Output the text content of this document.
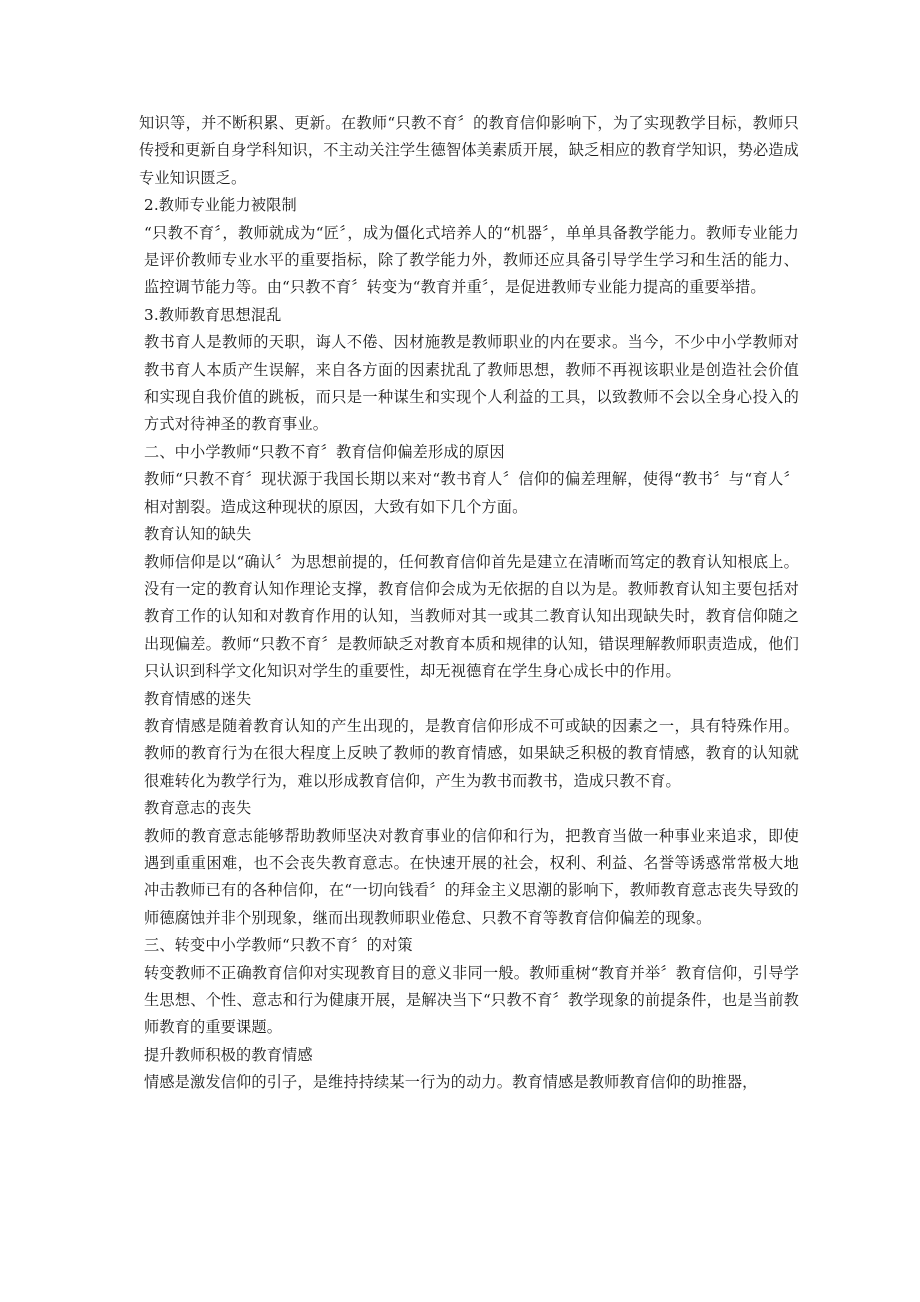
知识等，并不断积累、更新。在教师“只教不育〞的教育信仰影响下，为了实现教学目标，教师只传授和更新自身学科知识，不主动关注学生德智体美素质开展，缺乏相应的教育学知识，势必造成专业知识匮乏。

2.教师专业能力被限制

“只教不育〞，教师就成为“匠〞，成为僵化式培养人的“机器〞，单单具备教学能力。教师专业能力是评价教师专业水平的重要指标，除了教学能力外，教师还应具备引导学生学习和生活的能力、监控调节能力等。由“只教不育〞转变为“教育并重〞，是促进教师专业能力提高的重要举措。

3.教师教育思想混乱

教书育人是教师的天职，诲人不倦、因材施教是教师职业的内在要求。当今，不少中小学教师对教书育人本质产生误解，来自各方面的因素扰乱了教师思想，教师不再视该职业是创造社会价值和实现自我价值的跳板，而只是一种谋生和实现个人利益的工具，以致教师不会以全身心投入的方式对待神圣的教育事业。

二、中小学教师“只教不育〞教育信仰偏差形成的原因

教师“只教不育〞现状源于我国长期以来对“教书育人〞信仰的偏差理解，使得“教书〞与“育人〞相对割裂。造成这种现状的原因，大致有如下几个方面。

教育认知的缺失

教师信仰是以“确认〞为思想前提的，任何教育信仰首先是建立在清晰而笃定的教育认知根底上。没有一定的教育认知作理论支撑，教育信仰会成为无依据的自以为是。教师教育认知主要包括对教育工作的认知和对教育作用的认知，当教师对其一或其二教育认知出现缺失时，教育信仰随之出现偏差。教师“只教不育〞是教师缺乏对教育本质和规律的认知，错误理解教师职责造成，他们只认识到科学文化知识对学生的重要性，却无视德育在学生身心成长中的作用。

教育情感的迷失

教育情感是随着教育认知的产生出现的，是教育信仰形成不可或缺的因素之一，具有特殊作用。教师的教育行为在很大程度上反映了教师的教育情感，如果缺乏积极的教育情感，教育的认知就很难转化为教学行为，难以形成教育信仰，产生为教书而教书，造成只教不育。

教育意志的丧失

教师的教育意志能够帮助教师坚决对教育事业的信仰和行为，把教育当做一种事业来追求，即使遇到重重困难，也不会丧失教育意志。在快速开展的社会，权利、利益、名誉等诱惑常常极大地冲击教师已有的各种信仰，在“一切向钱看〞的拜金主义思潮的影响下，教师教育意志丧失导致的师德腐蚀并非个别现象，继而出现教师职业倦怠、只教不育等教育信仰偏差的现象。

三、转变中小学教师“只教不育〞的对策

转变教师不正确教育信仰对实现教育目的意义非同一般。教师重树“教育并举〞教育信仰，引导学生思想、个性、意志和行为健康开展，是解决当下“只教不育〞教学现象的前提条件，也是当前教师教育的重要课题。

提升教师积极的教育情感

情感是激发信仰的引子，是维持持续某一行为的动力。教育情感是教师教育信仰的助推器，
